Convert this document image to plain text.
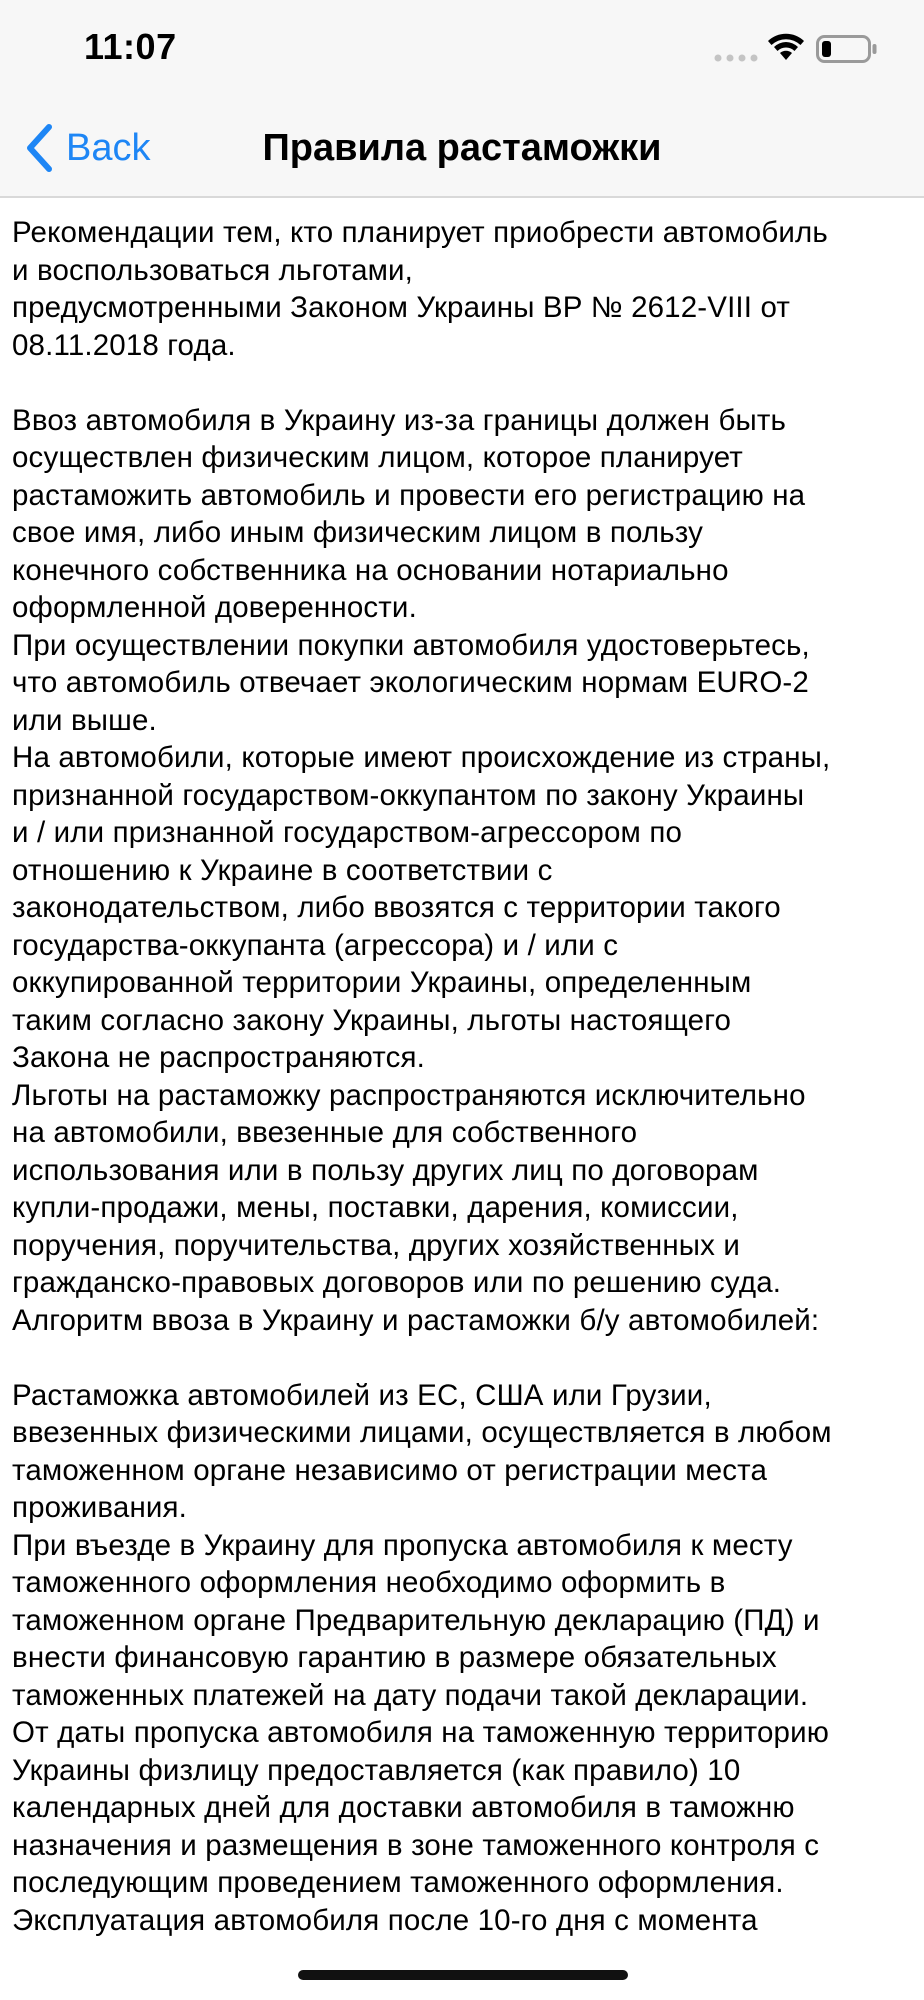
11:07
Back	Правила растаможки
Рекомендации тем, кто планирует приобрести автомобиль
и воспользоваться льготами,
предусмотренными Законом Украины ВР № 2612-VIII от
08.11.2018 года.
Ввоз автомобиля в Украину из-за границы должен быть
осуществлен физическим лицом, которое планирует
растаможить автомобиль и провести его регистрацию на
свое имя, либо иным физическим лицом в пользу
конечного собственника на основании нотариально
оформленной доверенности.
При осуществлении покупки автомобиля удостоверьтесь,
что автомобиль отвечает экологическим нормам EURO-2
или выше.
На автомобили, которые имеют происхождение из страны,
признанной государством-оккупантом по закону Украины
и / или признанной государством-агрессором по
отношению к Украине в соответствии с
законодательством, либо ввозятся с территории такого
государства-оккупанта (агрессора) и / или с
оккупированной территории Украины, определенным
таким согласно закону Украины, льготы настоящего
Закона не распространяются.
Льготы на растаможку распространяются исключительно
на автомобили, ввезенные для собственного
использования или в пользу других лиц по договорам
купли-продажи, мены, поставки, дарения, комиссии,
поручения, поручительства, других хозяйственных и
гражданско-правовых договоров или по решению суда.
Алгоритм ввоза в Украину и растаможки б/у автомобилей:
Растаможка автомобилей из ЕС, США или Грузии,
ввезенных физическими лицами, осуществляется в любом
таможенном органе независимо от регистрации места
проживания.
При въезде в Украину для пропуска автомобиля к месту
таможенного оформления необходимо оформить в
таможенном органе Предварительную декларацию (ПД) и
внести финансовую гарантию в размере обязательных
таможенных платежей на дату подачи такой декларации.
От даты пропуска автомобиля на таможенную территорию
Украины физлицу предоставляется (как правило) 10
календарных дней для доставки автомобиля в таможню
назначения и размещения в зоне таможенного контроля с
последующим проведением таможенного оформления.
Эксплуатация автомобиля после 10-го дня с момента
